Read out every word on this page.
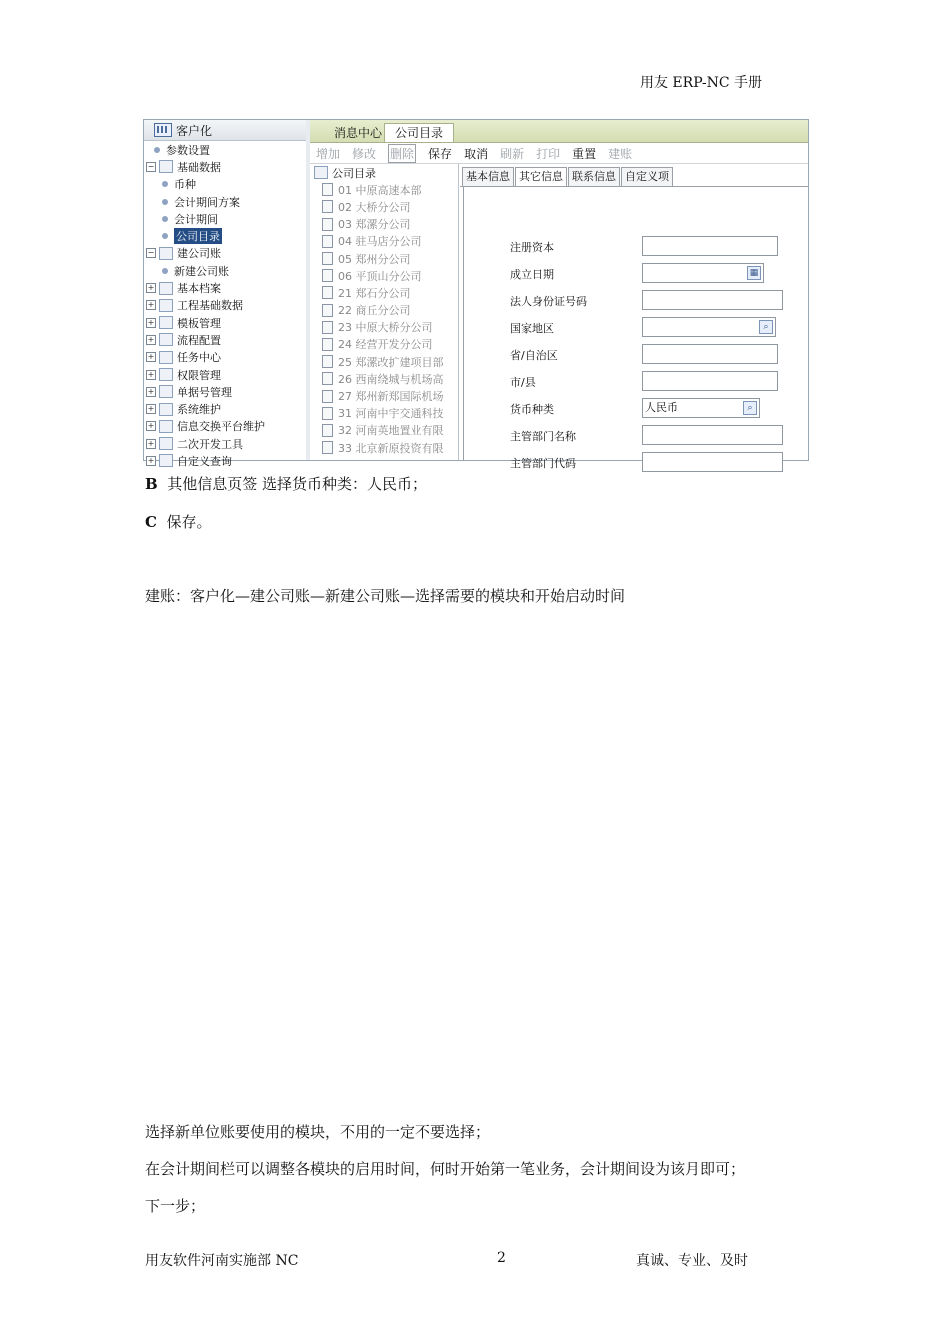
用友 ERP-NC 手册
客户化
参数设置
− 基础数据
币种
会计期间方案
会计期间
公司目录
− 建公司账
新建公司账
+ 基本档案
+ 工程基础数据
+ 模板管理
+ 流程配置
+ 任务中心
+ 权限管理
+ 单据号管理
+ 系统维护
+ 信息交换平台维护
+ 二次开发工具
+ 自定义查询
消息中心	公司目录
增加 修改 删除 保存 取消 刷新 打印 重置 建账
公司目录
01 中原高速本部
02 大桥分公司
03 郑漯分公司
04 驻马店分公司
05 郑州分公司
06 平顶山分公司
21 郑石分公司
22 商丘分公司
23 中原大桥分公司
24 经营开发分公司
25 郑漯改扩建项目部
26 西南绕城与机场高
27 郑州新郑国际机场
31 河南中宇交通科技
32 河南英地置业有限
33 北京新原投资有限
基本信息 其它信息 联系信息 自定义项
注册资本
成立日期	▦
法人身份证号码
国家地区	⌕
省/自治区
市/县
货币种类	人民币	⌕
主管部门名称
主管部门代码
B 其他信息页签 选择货币种类：人民币；
C 保存。
建账：客户化—建公司账—新建公司账—选择需要的模块和开始启动时间
选择新单位账要使用的模块，不用的一定不要选择；
在会计期间栏可以调整各模块的启用时间，何时开始第一笔业务，会计期间设为该月即可；
下一步；
用友软件河南实施部 NC	2	真诚、专业、及时
